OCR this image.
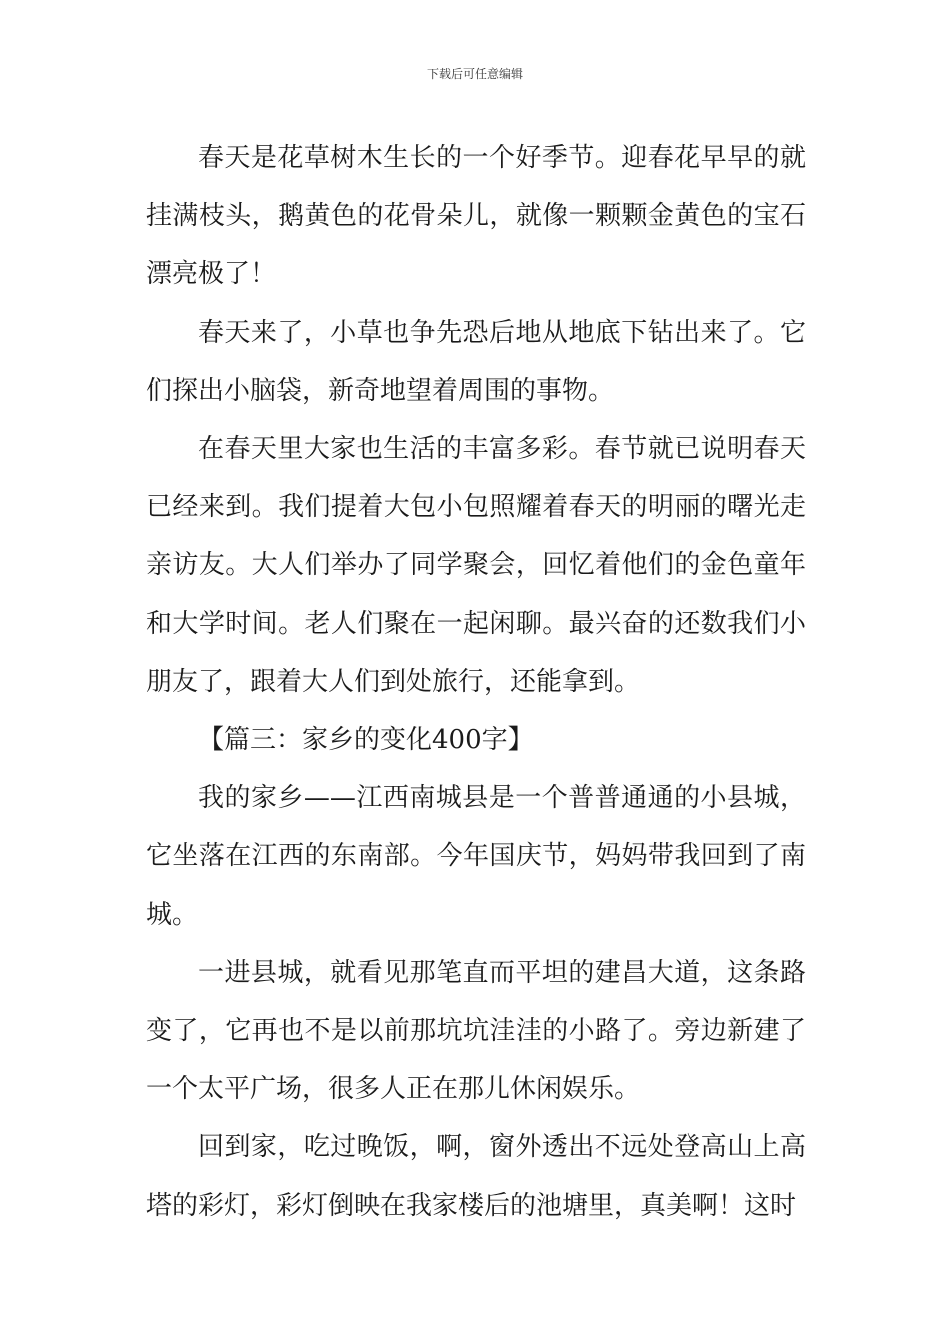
下载后可任意编辑

春天是花草树木生长的一个好季节。迎春花早早的就挂满枝头，鹅黄色的花骨朵儿，就像一颗颗金黄色的宝石漂亮极了！

春天来了，小草也争先恐后地从地底下钻出来了。它们探出小脑袋，新奇地望着周围的事物。

在春天里大家也生活的丰富多彩。春节就已说明春天已经来到。我们提着大包小包照耀着春天的明丽的曙光走亲访友。大人们举办了同学聚会，回忆着他们的金色童年和大学时间。老人们聚在一起闲聊。最兴奋的还数我们小朋友了，跟着大人们到处旅行，还能拿到。

【篇三：家乡的变化400字】

我的家乡——江西南城县是一个普普通通的小县城，它坐落在江西的东南部。今年国庆节，妈妈带我回到了南城。

一进县城，就看见那笔直而平坦的建昌大道，这条路变了，它再也不是以前那坑坑洼洼的小路了。旁边新建了一个太平广场，很多人正在那儿休闲娱乐。

回到家，吃过晚饭，啊，窗外透出不远处登高山上高塔的彩灯，彩灯倒映在我家楼后的池塘里，真美啊！这时
